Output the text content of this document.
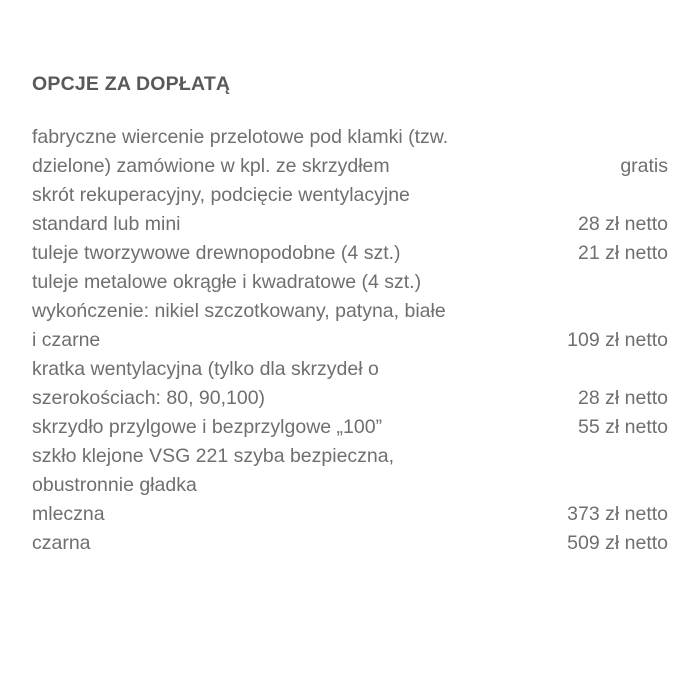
OPCJE ZA DOPŁATĄ
fabryczne wiercenie przelotowe pod klamki (tzw.
dzielone) zamówione w kpl. ze skrzydłem	gratis
skrót rekuperacyjny, podcięcie wentylacyjne
standard lub mini	28 zł netto
tuleje tworzywowe drewnopodobne (4 szt.)	21 zł netto
tuleje metalowe okrągłe i kwadratowe (4 szt.)
wykończenie: nikiel szczotkowany, patyna, białe
i czarne	109 zł netto
kratka wentylacyjna (tylko dla skrzydeł o
szerokościach: 80, 90,100)	28 zł netto
skrzydło przylgowe i bezprzylgowe „100”	55 zł netto
szkło klejone VSG 221 szyba bezpieczna,
obustronnie gładka
mleczna	373 zł netto
czarna	509 zł netto
